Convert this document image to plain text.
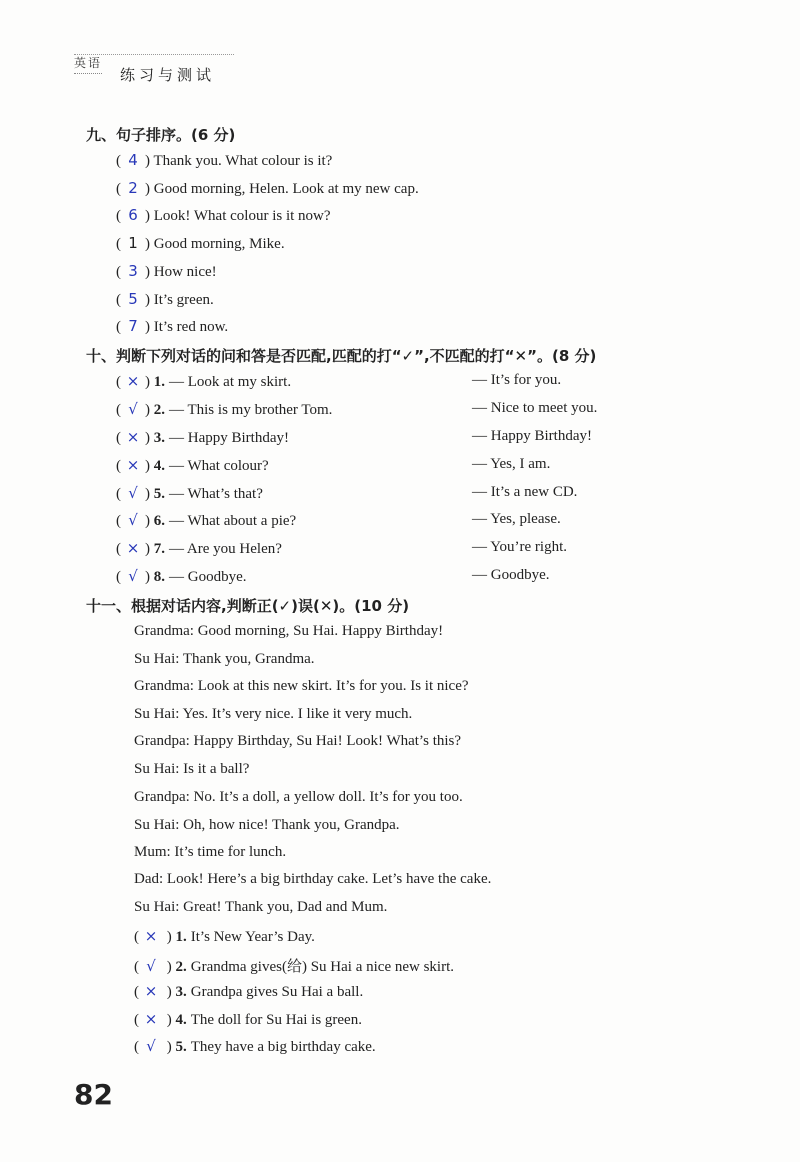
英语
练习与测试
九、句子排序。(6 分)
( 4 ) Thank you. What colour is it?
( 2 ) Good morning, Helen. Look at my new cap.
( 6 ) Look! What colour is it now?
( 1 ) Good morning, Mike.
( 3 ) How nice!
( 5 ) It’s green.
( 7 ) It’s red now.
十、判断下列对话的问和答是否匹配,匹配的打“✓”,不匹配的打“✕”。(8 分)
( × ) 1. — Look at my skirt.	— It’s for you.
( √ ) 2. — This is my brother Tom.	— Nice to meet you.
( × ) 3. — Happy Birthday!	— Happy Birthday!
( × ) 4. — What colour?	— Yes, I am.
( √ ) 5. — What’s that?	— It’s a new CD.
( √ ) 6. — What about a pie?	— Yes, please.
( × ) 7. — Are you Helen?	— You’re right.
( √ ) 8. — Goodbye.	— Goodbye.
十一、根据对话内容,判断正(✓)误(✕)。(10 分)
Grandma: Good morning, Su Hai. Happy Birthday!
Su Hai: Thank you, Grandma.
Grandma: Look at this new skirt. It’s for you. Is it nice?
Su Hai: Yes. It’s very nice. I like it very much.
Grandpa: Happy Birthday, Su Hai! Look! What’s this?
Su Hai: Is it a ball?
Grandpa: No. It’s a doll, a yellow doll. It’s for you too.
Su Hai: Oh, how nice! Thank you, Grandpa.
Mum: It’s time for lunch.
Dad: Look! Here’s a big birthday cake. Let’s have the cake.
Su Hai: Great! Thank you, Dad and Mum.
( × ) 1. It’s New Year’s Day.
( √ ) 2. Grandma gives(给) Su Hai a nice new skirt.
( × ) 3. Grandpa gives Su Hai a ball.
( × ) 4. The doll for Su Hai is green.
( √ ) 5. They have a big birthday cake.
82
